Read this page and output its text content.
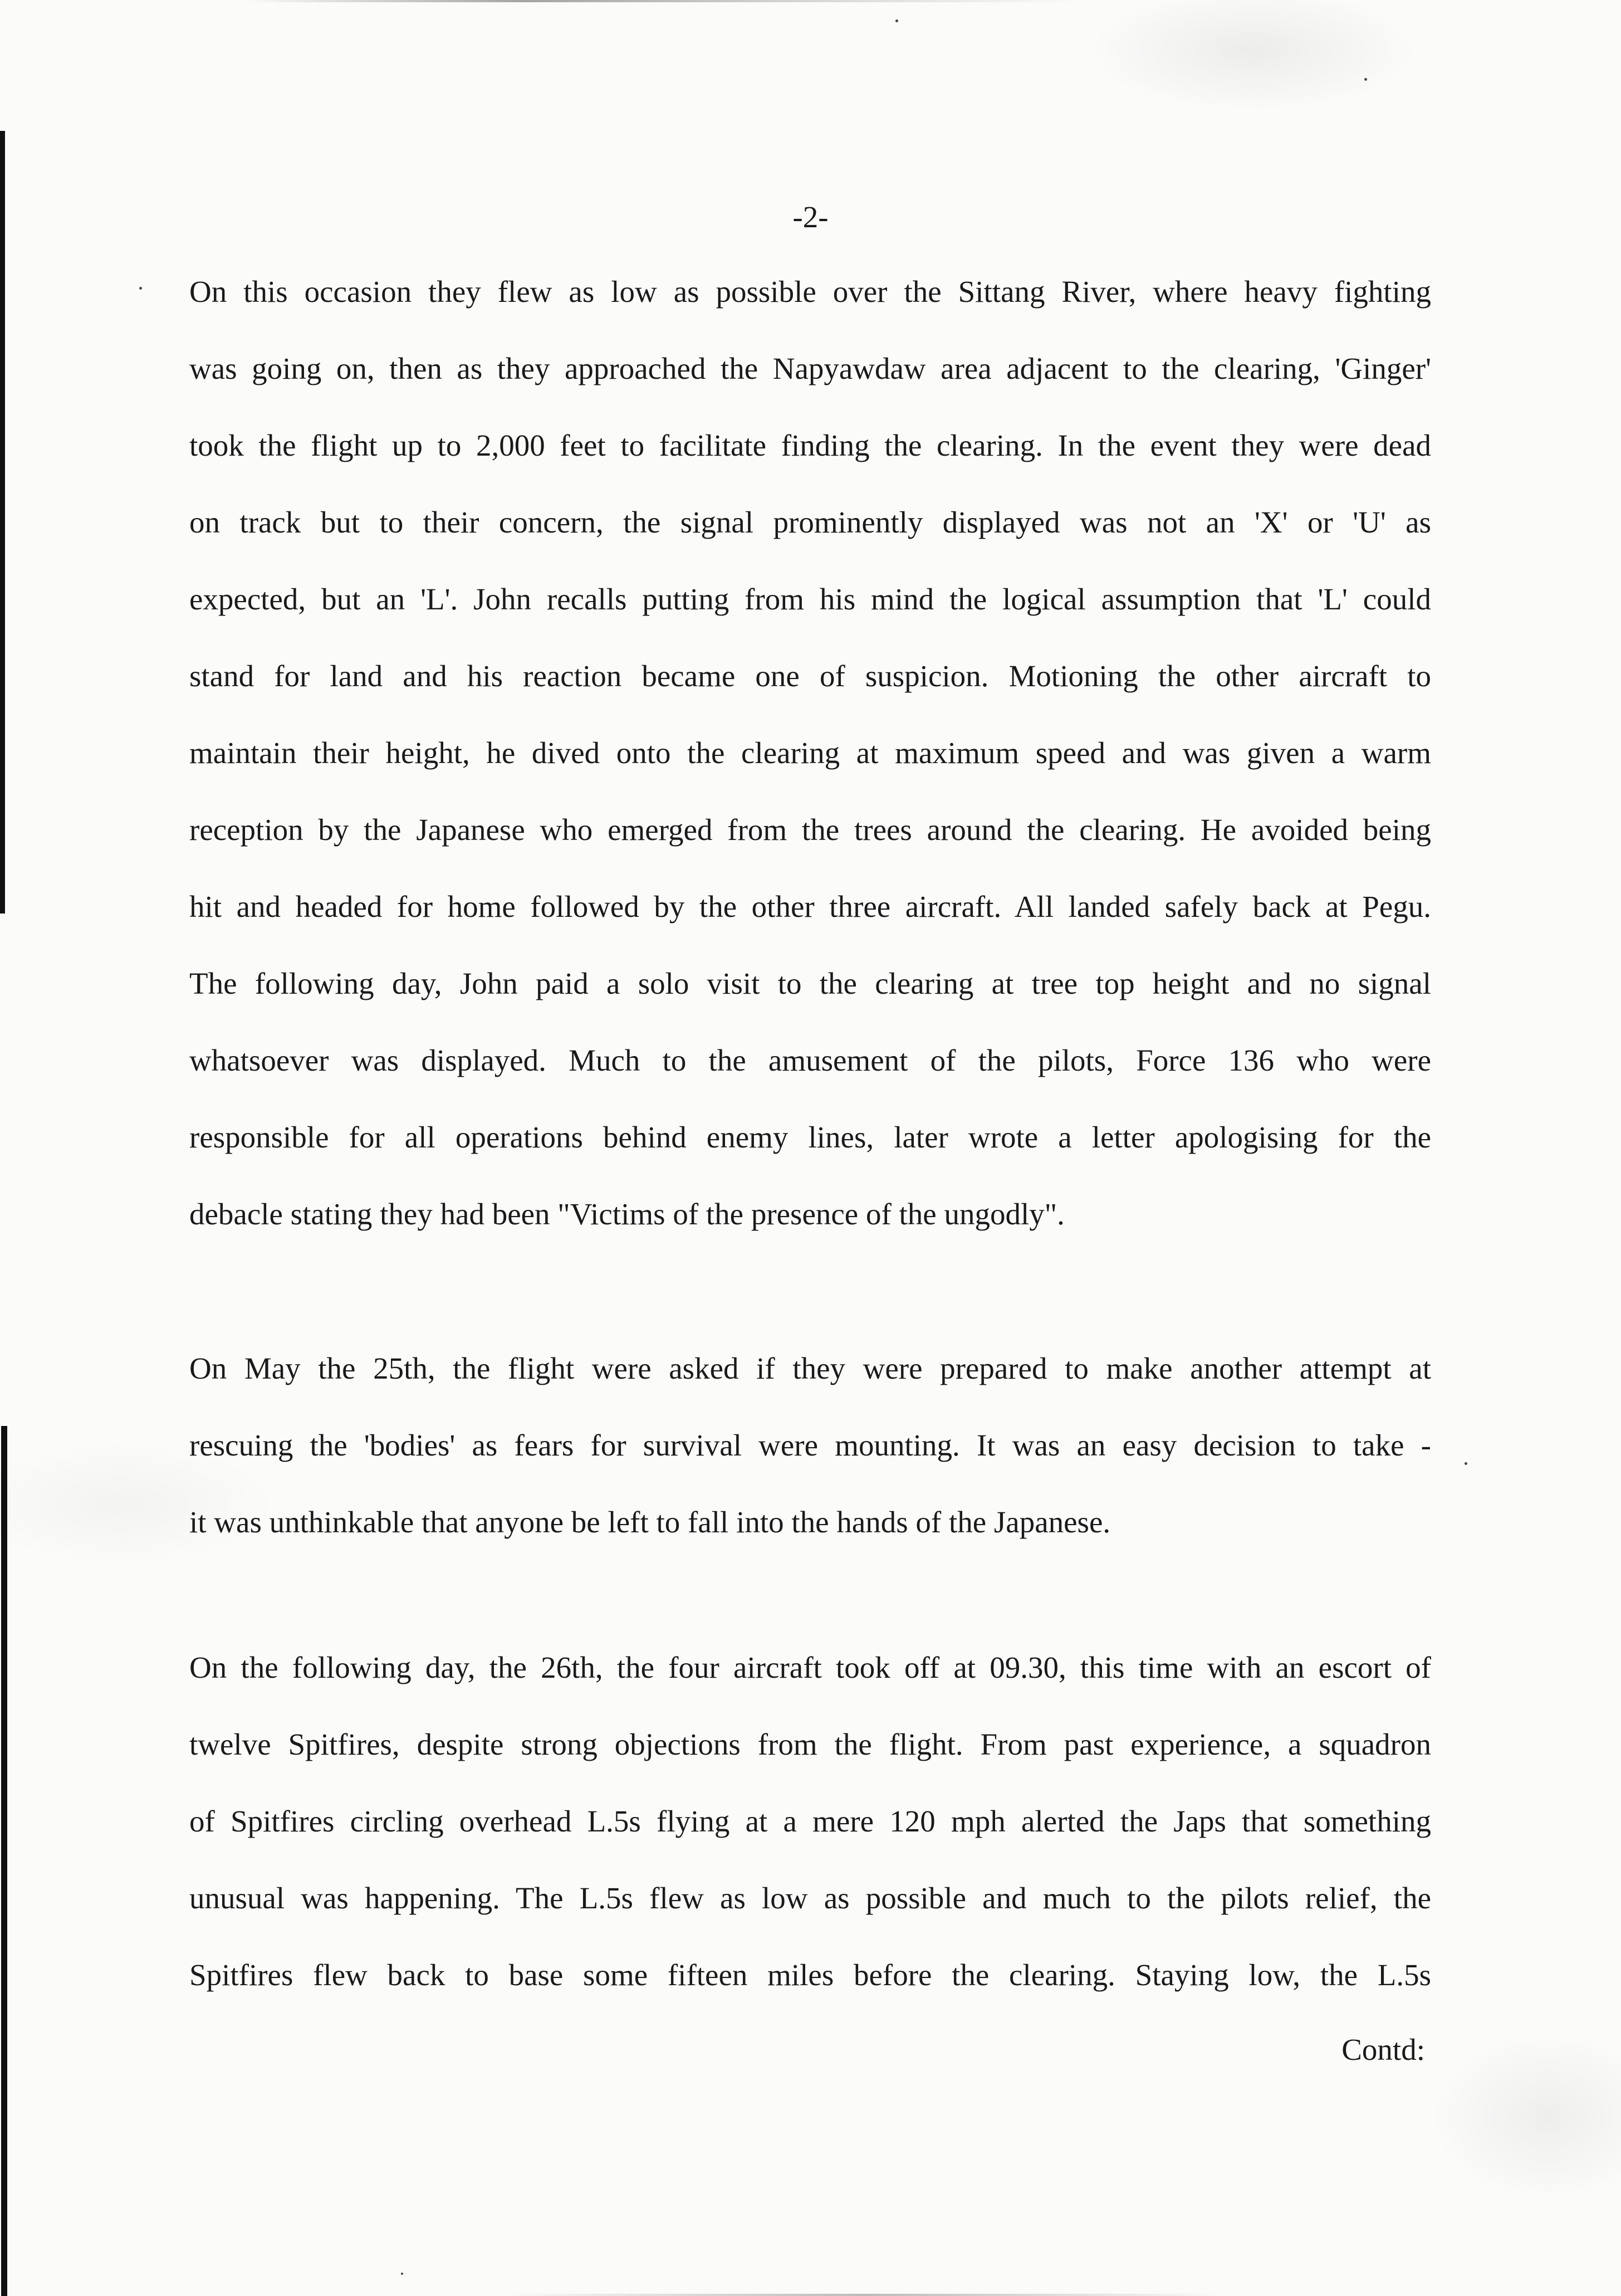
-2-

On this occasion they flew as low as possible over the Sittang River, where heavy fighting
was going on, then as they approached the Napyawdaw area adjacent to the clearing, 'Ginger'
took the flight up to 2,000 feet to facilitate finding the clearing. In the event they were dead
on track but to their concern, the signal prominently displayed was not an 'X' or 'U' as
expected, but an 'L'. John recalls putting from his mind the logical assumption that 'L' could
stand for land and his reaction became one of suspicion. Motioning the other aircraft to
maintain their height, he dived onto the clearing at maximum speed and was given a warm
reception by the Japanese who emerged from the trees around the clearing. He avoided being
hit and headed for home followed by the other three aircraft. All landed safely back at Pegu.
The following day, John paid a solo visit to the clearing at tree top height and no signal
whatsoever was displayed. Much to the amusement of the pilots, Force 136 who were
responsible for all operations behind enemy lines, later wrote a letter apologising for the
debacle stating they had been "Victims of the presence of the ungodly".

On May the 25th, the flight were asked if they were prepared to make another attempt at
rescuing the 'bodies' as fears for survival were mounting. It was an easy decision to take -
it was unthinkable that anyone be left to fall into the hands of the Japanese.

On the following day, the 26th, the four aircraft took off at 09.30, this time with an escort of
twelve Spitfires, despite strong objections from the flight. From past experience, a squadron
of Spitfires circling overhead L.5s flying at a mere 120 mph alerted the Japs that something
unusual was happening. The L.5s flew as low as possible and much to the pilots relief, the
Spitfires flew back to base some fifteen miles before the clearing. Staying low, the L.5s

Contd:
